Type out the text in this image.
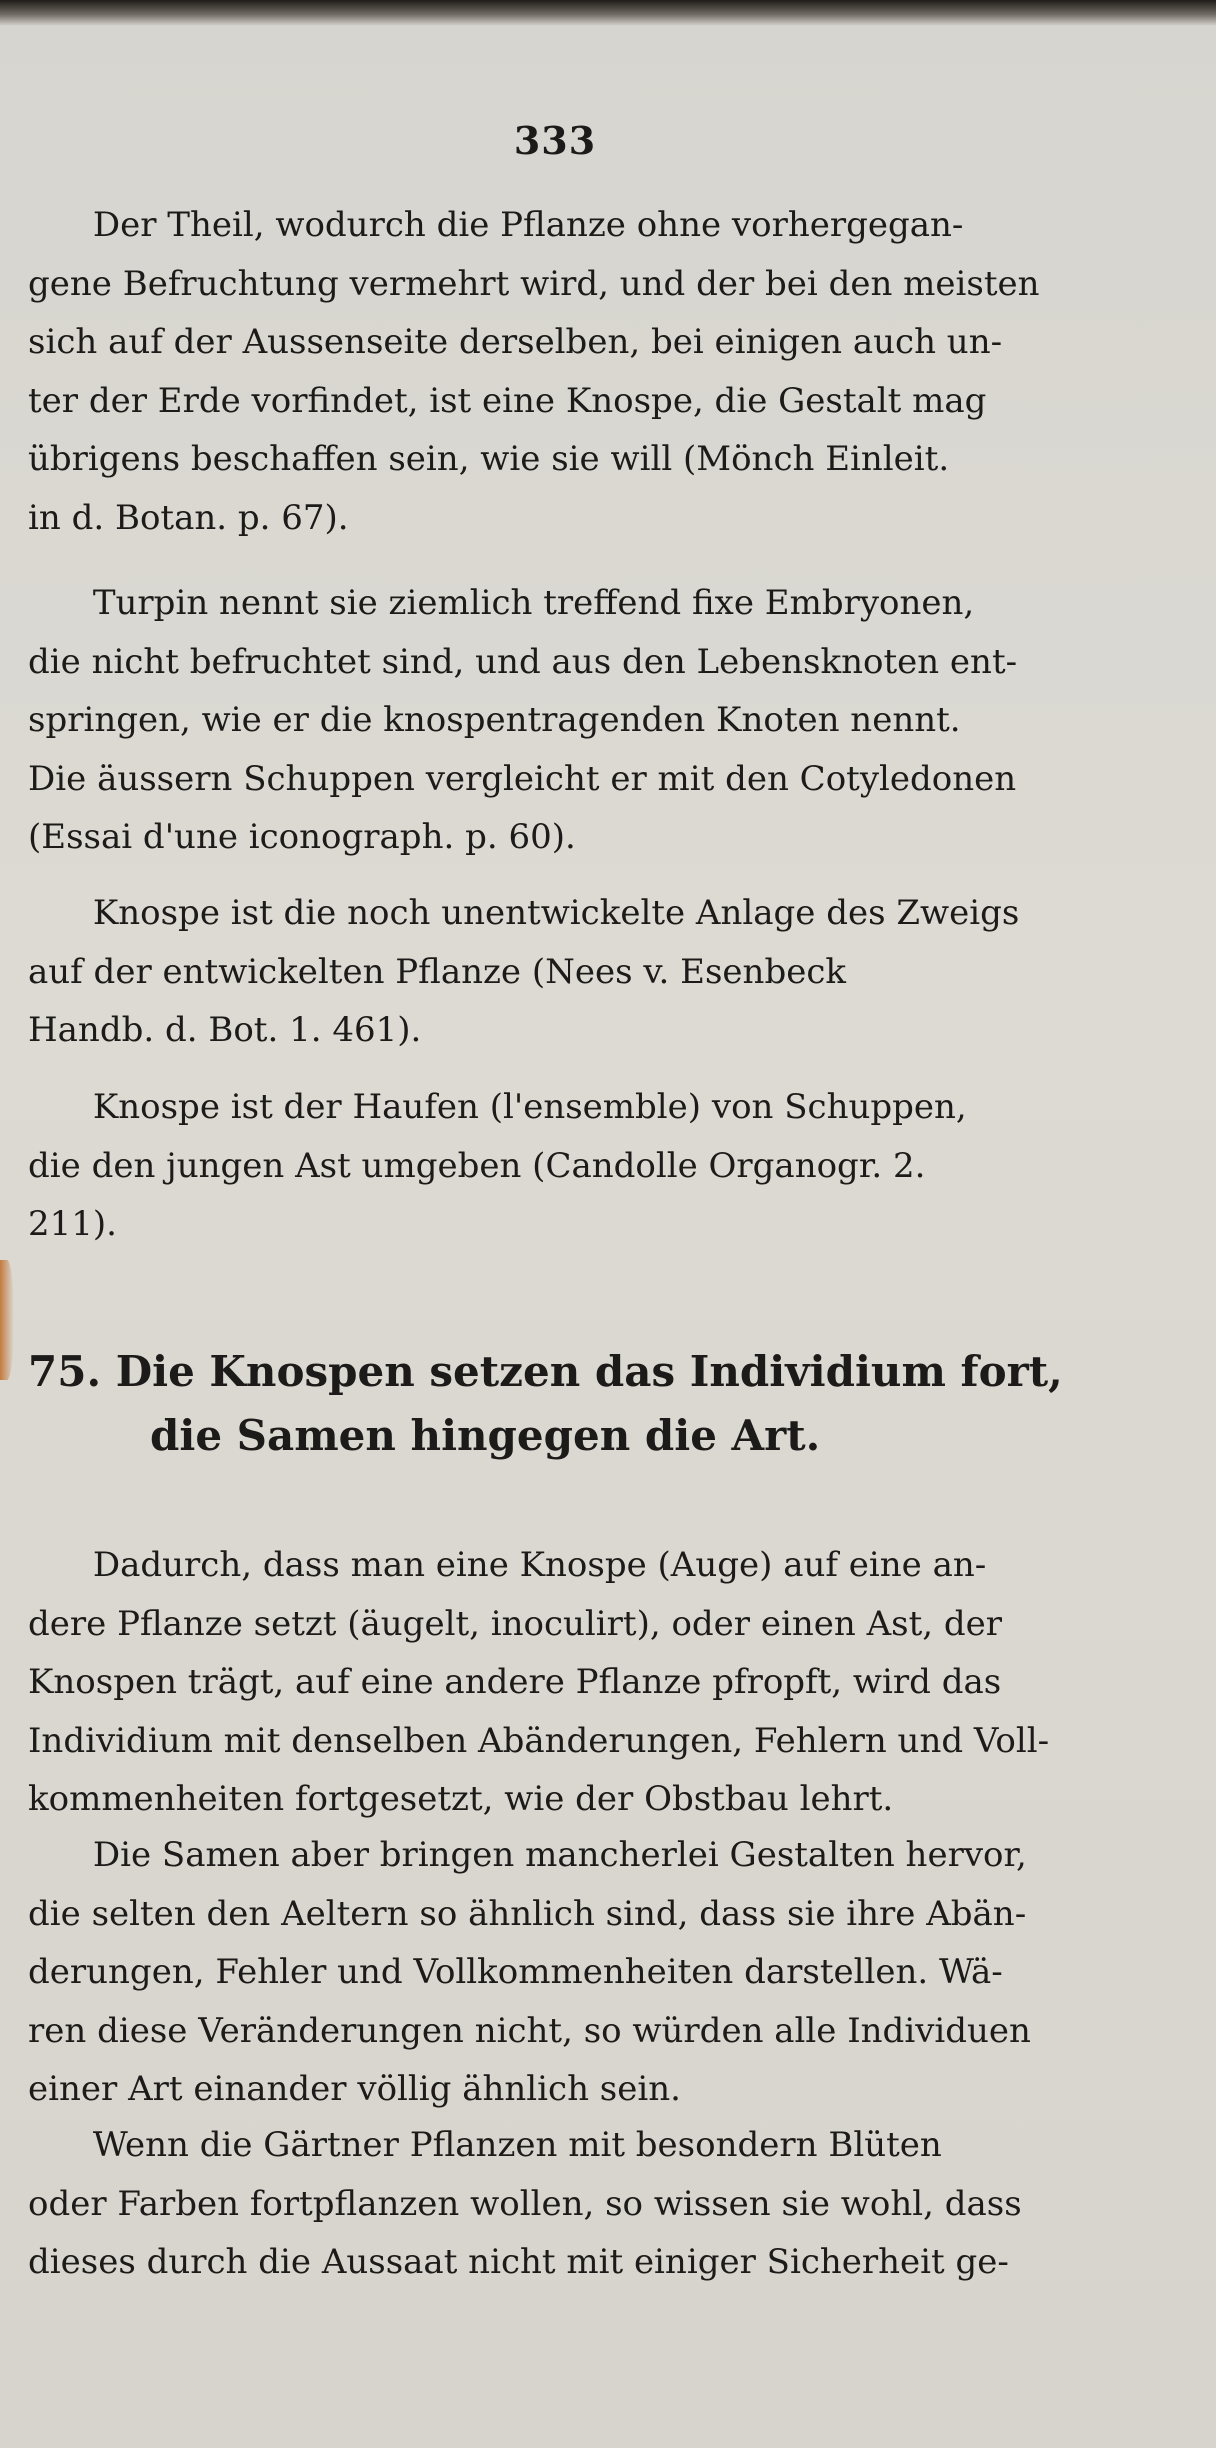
333

Der Theil, wodurch die Pflanze ohne vorhergegan-
gene Befruchtung vermehrt wird, und der bei den meisten
sich auf der Aussenseite derselben, bei einigen auch un-
ter der Erde vorfindet, ist eine Knospe, die Gestalt mag
übrigens beschaffen sein, wie sie will (Mönch Einleit.
in d. Botan. p. 67).

Turpin nennt sie ziemlich treffend fixe Embryonen,
die nicht befruchtet sind, und aus den Lebensknoten ent-
springen, wie er die knospentragenden Knoten nennt.
Die äussern Schuppen vergleicht er mit den Cotyledonen
(Essai d'une iconograph. p. 60).

Knospe ist die noch unentwickelte Anlage des Zweigs
auf der entwickelten Pflanze (Nees v. Esenbeck
Handb. d. Bot. 1. 461).

Knospe ist der Haufen (l'ensemble) von Schuppen,
die den jungen Ast umgeben (Candolle Organogr. 2.
211).

75. Die Knospen setzen das Individium fort,
die Samen hingegen die Art.

Dadurch, dass man eine Knospe (Auge) auf eine an-
dere Pflanze setzt (äugelt, inoculirt), oder einen Ast, der
Knospen trägt, auf eine andere Pflanze pfropft, wird das
Individium mit denselben Abänderungen, Fehlern und Voll-
kommenheiten fortgesetzt, wie der Obstbau lehrt.

Die Samen aber bringen mancherlei Gestalten hervor,
die selten den Aeltern so ähnlich sind, dass sie ihre Abän-
derungen, Fehler und Vollkommenheiten darstellen. Wä-
ren diese Veränderungen nicht, so würden alle Individuen
einer Art einander völlig ähnlich sein.

Wenn die Gärtner Pflanzen mit besondern Blüten
oder Farben fortpflanzen wollen, so wissen sie wohl, dass
dieses durch die Aussaat nicht mit einiger Sicherheit ge-
